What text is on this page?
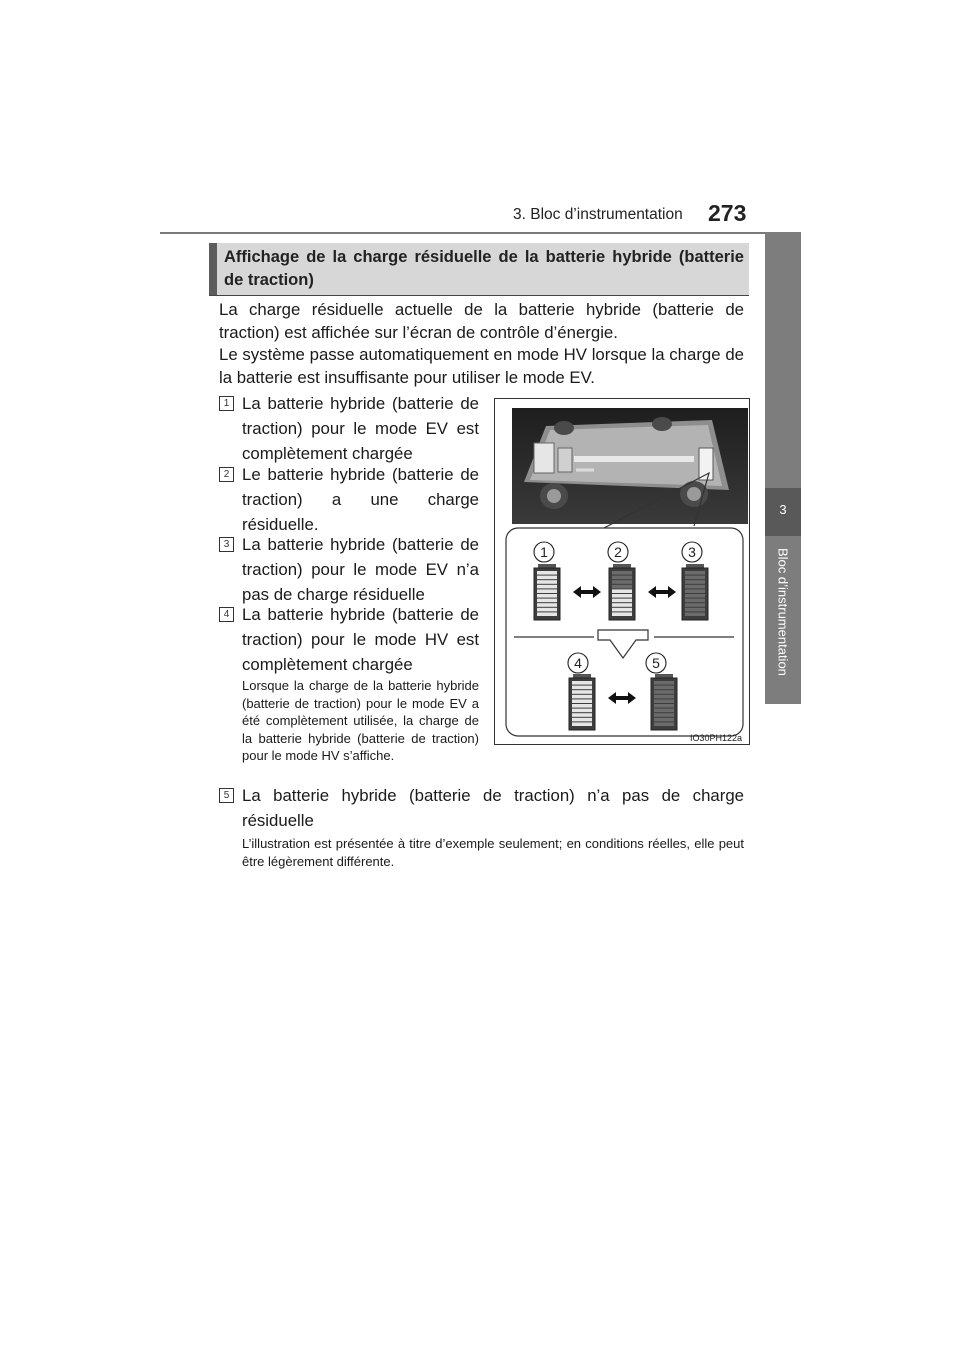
3. Bloc d’instrumentation 273
3
Bloc d’instrumentation
Affichage de la charge résiduelle de la batterie hybride (batterie de traction)
La charge résiduelle actuelle de la batterie hybride (batterie de traction) est affichée sur l’écran de contrôle d’énergie.
Le système passe automatiquement en mode HV lorsque la charge de la batterie est insuffisante pour utiliser le mode EV.
1 La batterie hybride (batterie de traction) pour le mode EV est complètement chargée
2 Le batterie hybride (batterie de traction) a une charge résiduelle.
3 La batterie hybride (batterie de traction) pour le mode EV n’a pas de charge résiduelle
4 La batterie hybride (batterie de traction) pour le mode HV est complètement chargée
Lorsque la charge de la batterie hybride (batterie de traction) pour le mode EV a été complètement utilisée, la charge de la batterie hybride (batterie de traction) pour le mode HV s’affiche.
5 La batterie hybride (batterie de traction) n’a pas de charge résiduelle
L’illustration est présentée à titre d’exemple seulement; en conditions réelles, elle peut être légèrement différente.
1	2	3
4	5
IO30PH122a
